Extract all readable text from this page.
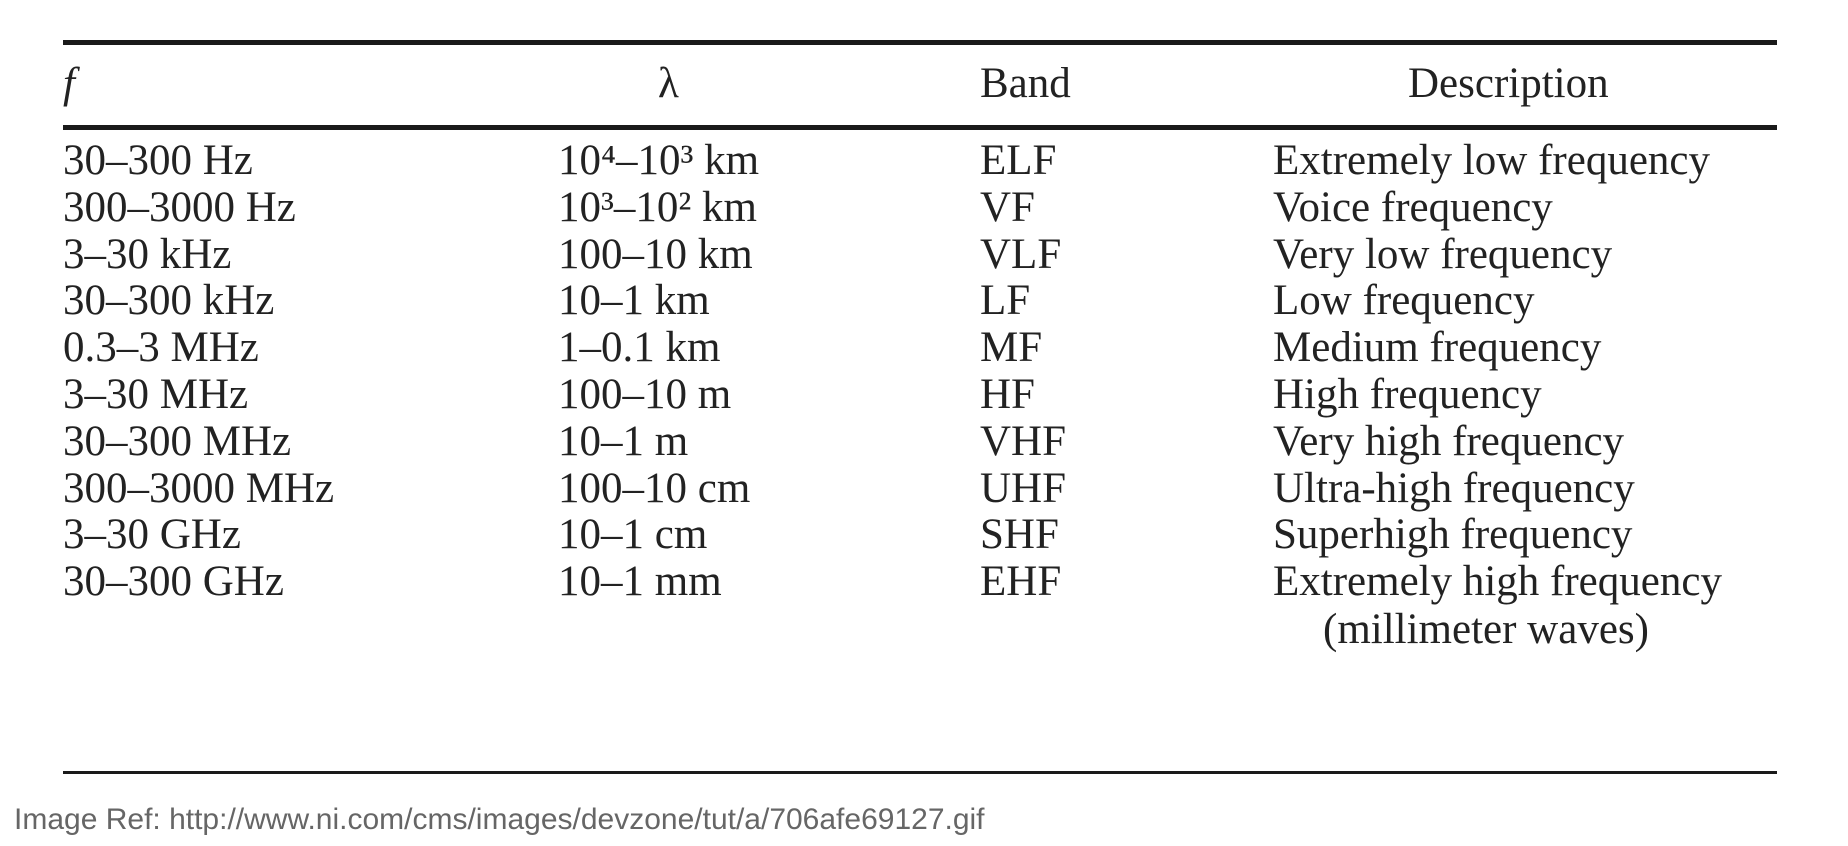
f	λ	Band	Description
30–300 Hz	10⁴–10³ km	ELF	Extremely low frequency
300–3000 Hz	10³–10² km	VF	Voice frequency
3–30 kHz	100–10 km	VLF	Very low frequency
30–300 kHz	10–1 km	LF	Low frequency
0.3–3 MHz	1–0.1 km	MF	Medium frequency
3–30 MHz	100–10 m	HF	High frequency
30–300 MHz	10–1 m	VHF	Very high frequency
300–3000 MHz	100–10 cm	UHF	Ultra-high frequency
3–30 GHz	10–1 cm	SHF	Superhigh frequency
30–300 GHz	10–1 mm	EHF	Extremely high frequency
(millimeter waves)
Image Ref: http://www.ni.com/cms/images/devzone/tut/a/706afe69127.gif
